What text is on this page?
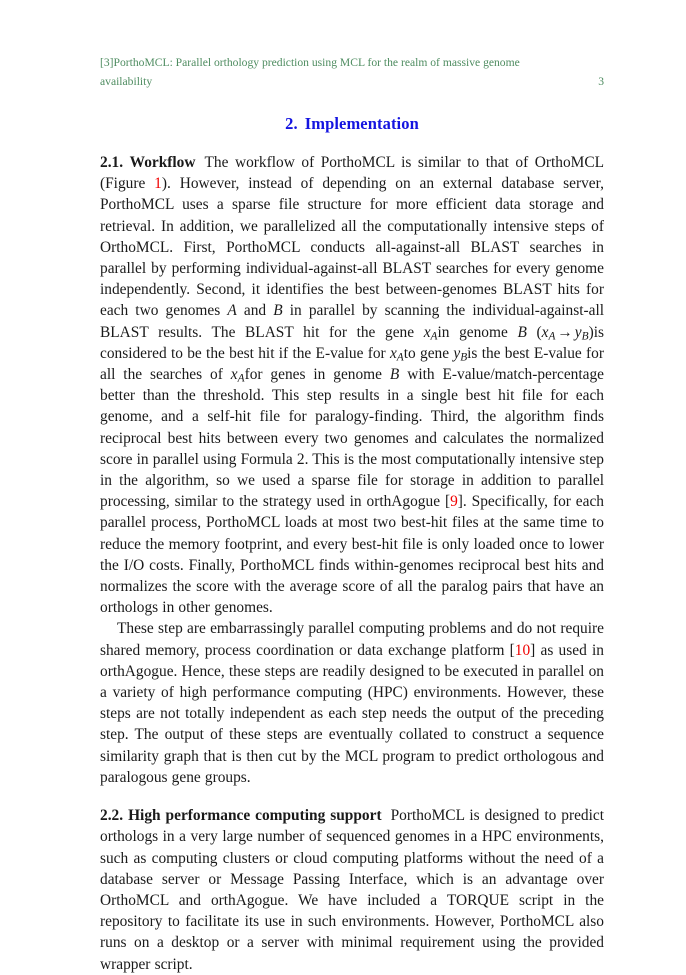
[3]PorthoMCL: Parallel orthology prediction using MCL for the realm of massive genome
availability	3
2. Implementation

2.1. Workflow The workflow of PorthoMCL is similar to that of OrthoMCL (Figure 1). However, instead of depending on an external database server, PorthoMCL uses a sparse file structure for more efficient data storage and retrieval. In addition, we parallelized all the computationally intensive steps of OrthoMCL. First, PorthoMCL conducts all-against-all BLAST searches in parallel by performing individual-against-all BLAST searches for every genome independently. Second, it identifies the best between-genomes BLAST hits for each two genomes A and B in parallel by scanning the individual-against-all BLAST results. The BLAST hit for the gene $x_Ain$ genome B $(x_A \to y_B)is$ considered to be the best hit if the E-value for $x_Ato$ gene $y_Bis$ the best E-value for all the searches of $x_Afor$ genes in genome B with E-value/match-percentage better than the threshold. This step results in a single best hit file for each genome, and a self-hit file for paralogy-finding. Third, the algorithm finds reciprocal best hits between every two genomes and calculates the normalized score in parallel using Formula 2. This is the most computationally intensive step in the algorithm, so we used a sparse file for storage in addition to parallel processing, similar to the strategy used in orthAgogue [9]. Specifically, for each parallel process, PorthoMCL loads at most two best-hit files at the same time to reduce the memory footprint, and every best-hit file is only loaded once to lower the I/O costs. Finally, PorthoMCL finds within-genomes reciprocal best hits and normalizes the score with the average score of all the paralog pairs that have an orthologs in other genomes.

These step are embarrassingly parallel computing problems and do not require shared memory, process coordination or data exchange platform [10] as used in orthAgogue. Hence, these steps are readily designed to be executed in parallel on a variety of high performance computing (HPC) environments. However, these steps are not totally independent as each step needs the output of the preceding step. The output of these steps are eventually collated to construct a sequence similarity graph that is then cut by the MCL program to predict orthologous and paralogous gene groups.

2.2. High performance computing support PorthoMCL is designed to predict orthologs in a very large number of sequenced genomes in a HPC environments, such as computing clusters or cloud computing platforms without the need of a database server or Message Passing Interface, which is an advantage over OrthoMCL and orthAgogue. We have included a TORQUE script in the repository to facilitate its use in such environments. However, PorthoMCL also runs on a desktop or a server with minimal requirement using the provided wrapper script.
